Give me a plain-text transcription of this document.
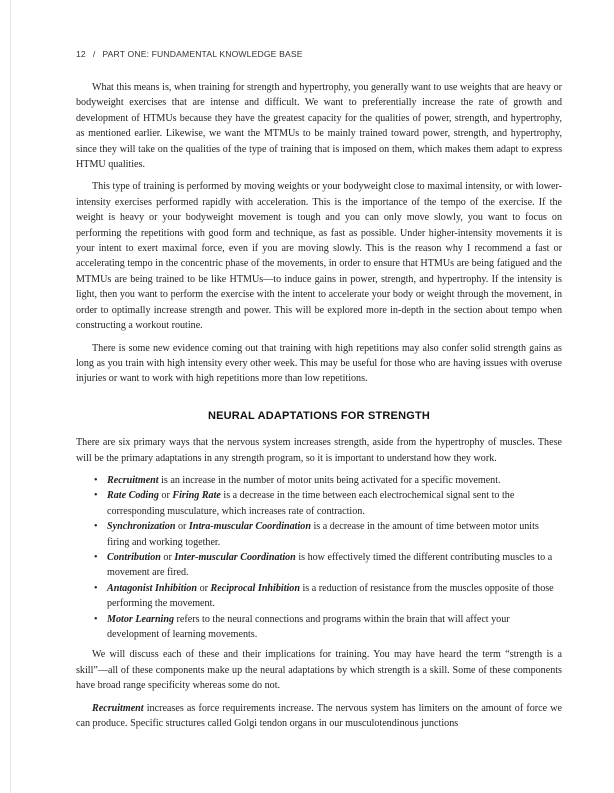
12 / PART ONE: FUNDAMENTAL KNOWLEDGE BASE

What this means is, when training for strength and hypertrophy, you generally want to use weights that are heavy or bodyweight exercises that are intense and difficult. We want to preferentially increase the rate of growth and development of HTMUs because they have the greatest capacity for the qualities of power, strength, and hypertrophy, as mentioned earlier. Likewise, we want the MTMUs to be mainly trained toward power, strength, and hypertrophy, since they will take on the qualities of the type of training that is imposed on them, which makes them adapt to express HTMU qualities.

This type of training is performed by moving weights or your bodyweight close to maximal intensity, or with lower-intensity exercises performed rapidly with acceleration. This is the importance of the tempo of the exercise. If the weight is heavy or your bodyweight movement is tough and you can only move slowly, you want to focus on performing the repetitions with good form and technique, as fast as possible. Under higher-intensity movements it is your intent to exert maximal force, even if you are moving slowly. This is the reason why I recommend a fast or accelerating tempo in the concentric phase of the movements, in order to ensure that HTMUs are being fatigued and the MTMUs are being trained to be like HTMUs—to induce gains in power, strength, and hypertrophy. If the intensity is light, then you want to perform the exercise with the intent to accelerate your body or weight through the movement, in order to optimally increase strength and power. This will be explored more in-depth in the section about tempo when constructing a workout routine.

There is some new evidence coming out that training with high repetitions may also confer solid strength gains as long as you train with high intensity every other week. This may be useful for those who are having issues with overuse injuries or want to work with high repetitions more than low repetitions.

NEURAL ADAPTATIONS FOR STRENGTH

There are six primary ways that the nervous system increases strength, aside from the hypertrophy of muscles. These will be the primary adaptations in any strength program, so it is important to understand how they work.

• Recruitment is an increase in the number of motor units being activated for a specific movement.
• Rate Coding or Firing Rate is a decrease in the time between each electrochemical signal sent to the corresponding musculature, which increases rate of contraction.
• Synchronization or Intra-muscular Coordination is a decrease in the amount of time between motor units firing and working together.
• Contribution or Inter-muscular Coordination is how effectively timed the different contributing muscles to a movement are fired.
• Antagonist Inhibition or Reciprocal Inhibition is a reduction of resistance from the muscles opposite of those performing the movement.
• Motor Learning refers to the neural connections and programs within the brain that will affect your development of learning movements.

We will discuss each of these and their implications for training. You may have heard the term “strength is a skill”—all of these components make up the neural adaptations by which strength is a skill. Some of these components have broad range specificity whereas some do not.

Recruitment increases as force requirements increase. The nervous system has limiters on the amount of force we can produce. Specific structures called Golgi tendon organs in our musculotendinous junctions
